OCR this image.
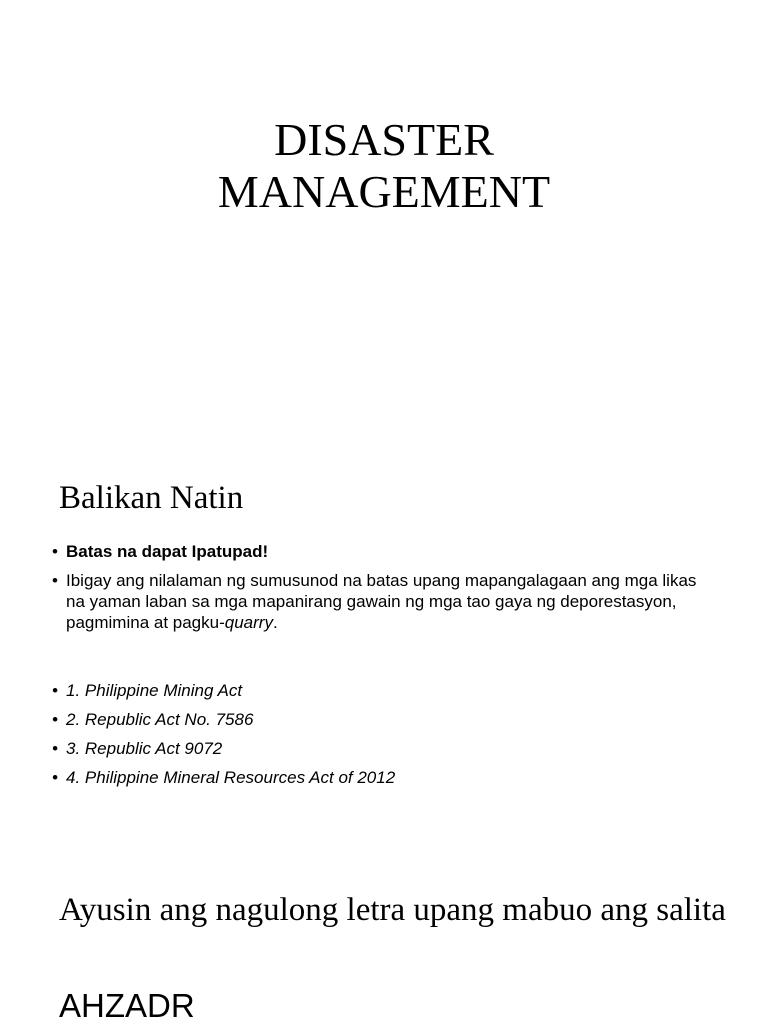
DISASTER
MANAGEMENT
Balikan Natin
• Batas na dapat Ipatupad!
• Ibigay ang nilalaman ng sumusunod na batas upang mapangalagaan ang mga likas na yaman laban sa mga mapanirang gawain ng mga tao gaya ng deporestasyon, pagmimina at pagku-quarry.
• 1. Philippine Mining Act
• 2. Republic Act No. 7586
• 3. Republic Act 9072
• 4. Philippine Mineral Resources Act of 2012
Ayusin ang nagulong letra upang mabuo ang salita

AHZADR
